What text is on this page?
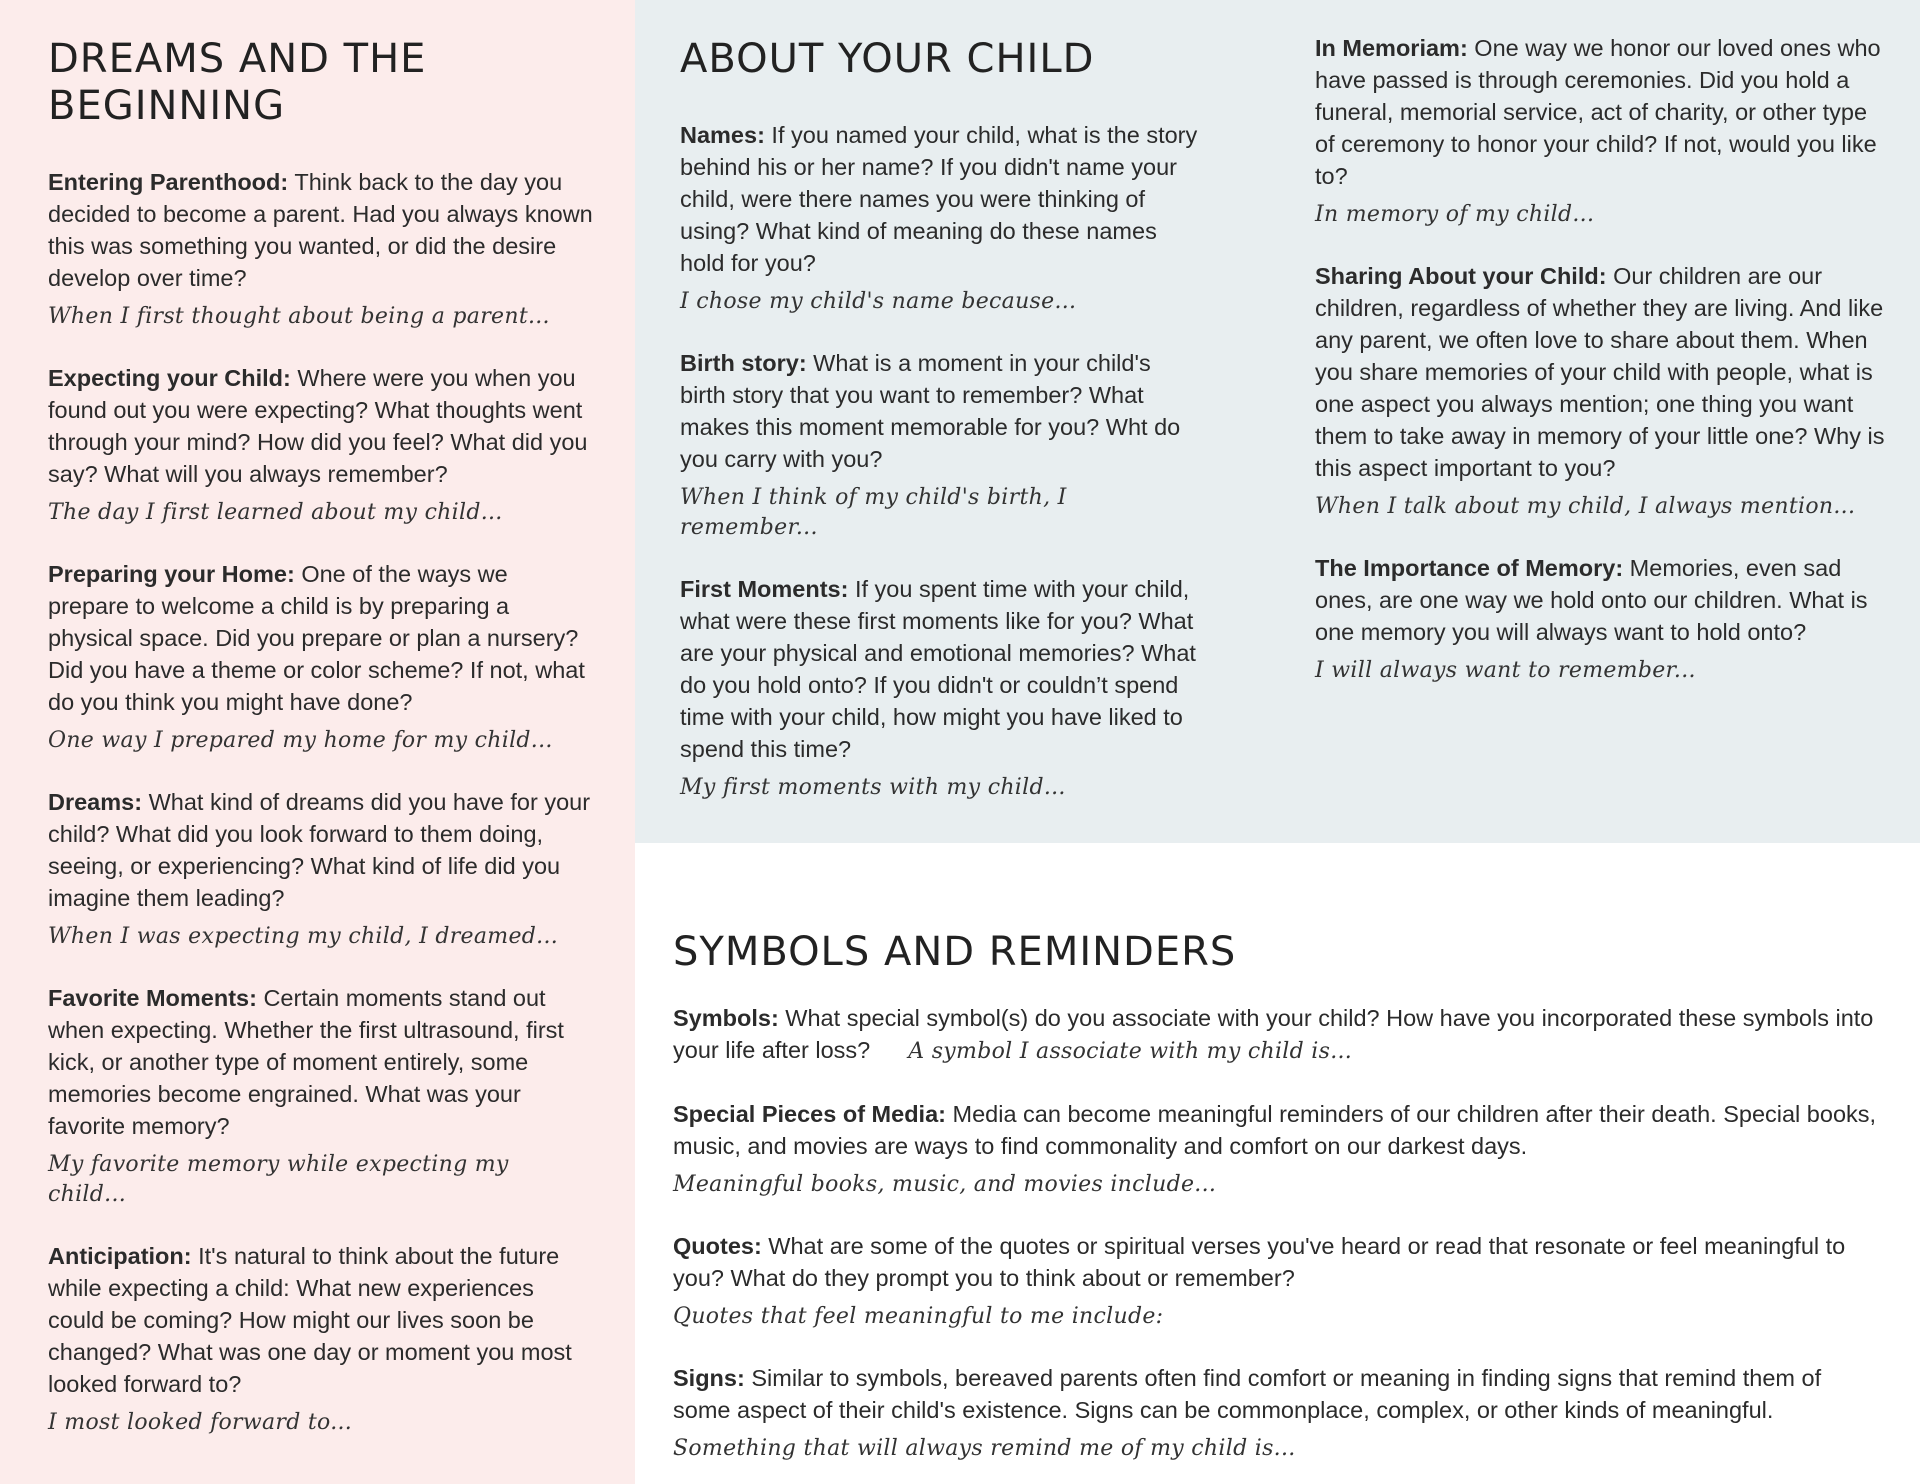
DREAMS AND THE BEGINNING

Entering Parenthood: Think back to the day you decided to become a parent. Had you always known this was something you wanted, or did the desire develop over time?

When I first thought about being a parent...

Expecting your Child: Where were you when you found out you were expecting? What thoughts went through your mind? How did you feel? What did you say? What will you always remember?

The day I first learned about my child...

Preparing your Home: One of the ways we prepare to welcome a child is by preparing a physical space. Did you prepare or plan a nursery? Did you have a theme or color scheme? If not, what do you think you might have done?

One way I prepared my home for my child...

Dreams: What kind of dreams did you have for your child? What did you look forward to them doing, seeing, or experiencing? What kind of life did you imagine them leading?

When I was expecting my child, I dreamed...

Favorite Moments: Certain moments stand out when expecting. Whether the first ultrasound, first kick, or another type of moment entirely, some memories become engrained. What was your favorite memory?

My favorite memory while expecting my child...

Anticipation: It's natural to think about the future while expecting a child: What new experiences could be coming? How might our lives soon be changed? What was one day or moment you most looked forward to?

I most looked forward to...

ABOUT YOUR CHILD

Names: If you named your child, what is the story behind his or her name? If you didn't name your child, were there names you were thinking of using? What kind of meaning do these names hold for you?

I chose my child's name because...

Birth story: What is a moment in your child's birth story that you want to remember? What makes this moment memorable for you? Wht do you carry with you?

When I think of my child's birth, I remember...

First Moments: If you spent time with your child, what were these first moments like for you? What are your physical and emotional memories? What do you hold onto? If you didn't or couldn’t spend time with your child, how might you have liked to spend this time?

My first moments with my child...

In Memoriam: One way we honor our loved ones who have passed is through ceremonies. Did you hold a funeral, memorial service, act of charity, or other type of ceremony to honor your child? If not, would you like to?

In memory of my child...

Sharing About your Child: Our children are our children, regardless of whether they are living. And like any parent, we often love to share about them. When you share memories of your child with people, what is one aspect you always mention; one thing you want them to take away in memory of your little one? Why is this aspect important to you?

When I talk about my child, I always mention...

The Importance of Memory: Memories, even sad ones, are one way we hold onto our children. What is one memory you will always want to hold onto?

I will always want to remember...

SYMBOLS AND REMINDERS

Symbols: What special symbol(s) do you associate with your child? How have you incorporated these symbols into your life after loss? A symbol I associate with my child is...

Special Pieces of Media: Media can become meaningful reminders of our children after their death. Special books, music, and movies are ways to find commonality and comfort on our darkest days.

Meaningful books, music, and movies include...

Quotes: What are some of the quotes or spiritual verses you've heard or read that resonate or feel meaningful to you? What do they prompt you to think about or remember?

Quotes that feel meaningful to me include:

Signs: Similar to symbols, bereaved parents often find comfort or meaning in finding signs that remind them of some aspect of their child's existence. Signs can be commonplace, complex, or other kinds of meaningful.

Something that will always remind me of my child is...
